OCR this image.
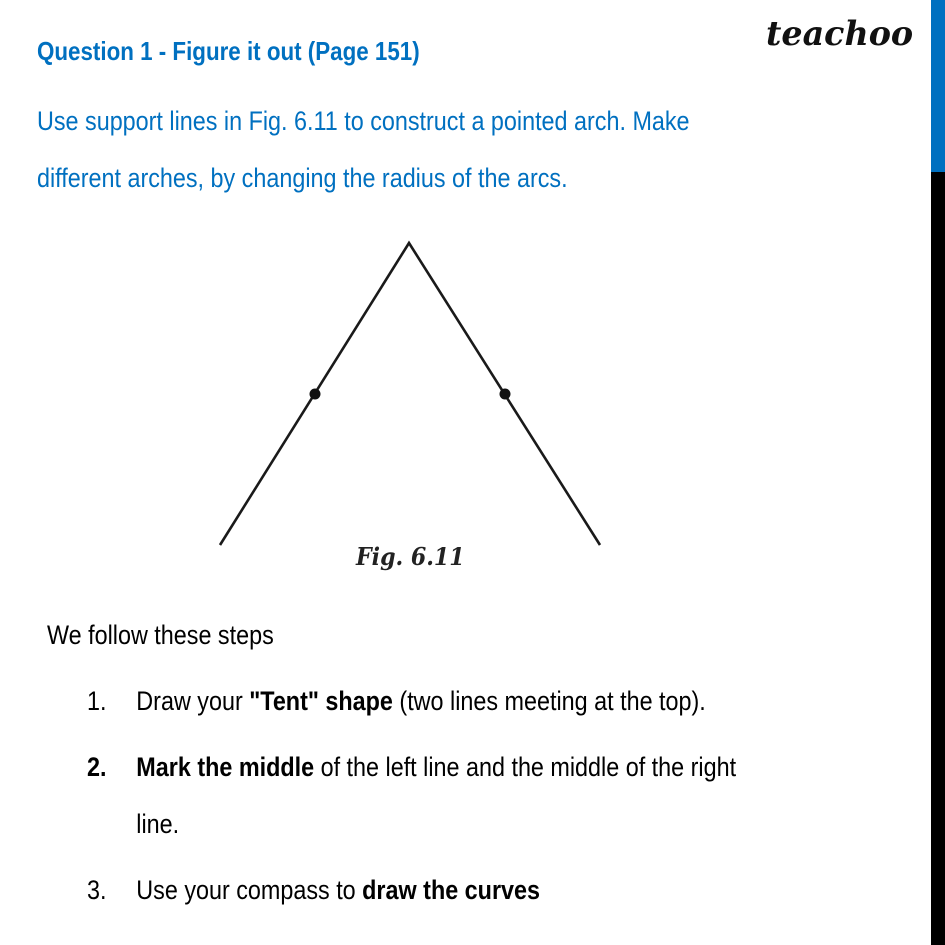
teachoo
Question 1 - Figure it out (Page 151)
Use support lines in Fig. 6.11 to construct a pointed arch. Make
different arches, by changing the radius of the arcs.
Fig. 6.11
We follow these steps
1. Draw your "Tent" shape (two lines meeting at the top).
2. Mark the middle of the left line and the middle of the right
line.
3. Use your compass to draw the curves
